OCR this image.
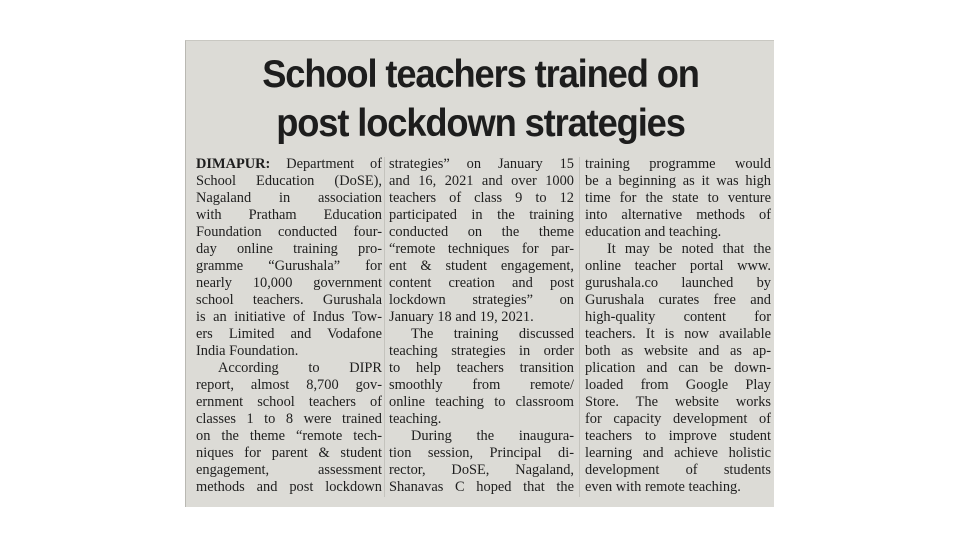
School teachers trained on
post lockdown strategies
DIMAPUR: Department of
School Education (DoSE),
Nagaland in association
with Pratham Education
Foundation conducted four-
day online training pro-
gramme “Gurushala” for
nearly 10,000 government
school teachers. Gurushala
is an initiative of Indus Tow-
ers Limited and Vodafone
India Foundation.
According to DIPR
report, almost 8,700 gov-
ernment school teachers of
classes 1 to 8 were trained
on the theme “remote tech-
niques for parent & student
engagement, assessment
methods and post lockdown
strategies” on January 15
and 16, 2021 and over 1000
teachers of class 9 to 12
participated in the training
conducted on the theme
“remote techniques for par-
ent & student engagement,
content creation and post
lockdown strategies” on
January 18 and 19, 2021.
The training discussed
teaching strategies in order
to help teachers transition
smoothly from remote/
online teaching to classroom
teaching.
During the inaugura-
tion session, Principal di-
rector, DoSE, Nagaland,
Shanavas C hoped that the
training programme would
be a beginning as it was high
time for the state to venture
into alternative methods of
education and teaching.
It may be noted that the
online teacher portal www.
gurushala.co launched by
Gurushala curates free and
high-quality content for
teachers. It is now available
both as website and as ap-
plication and can be down-
loaded from Google Play
Store. The website works
for capacity development of
teachers to improve student
learning and achieve holistic
development of students
even with remote teaching.
